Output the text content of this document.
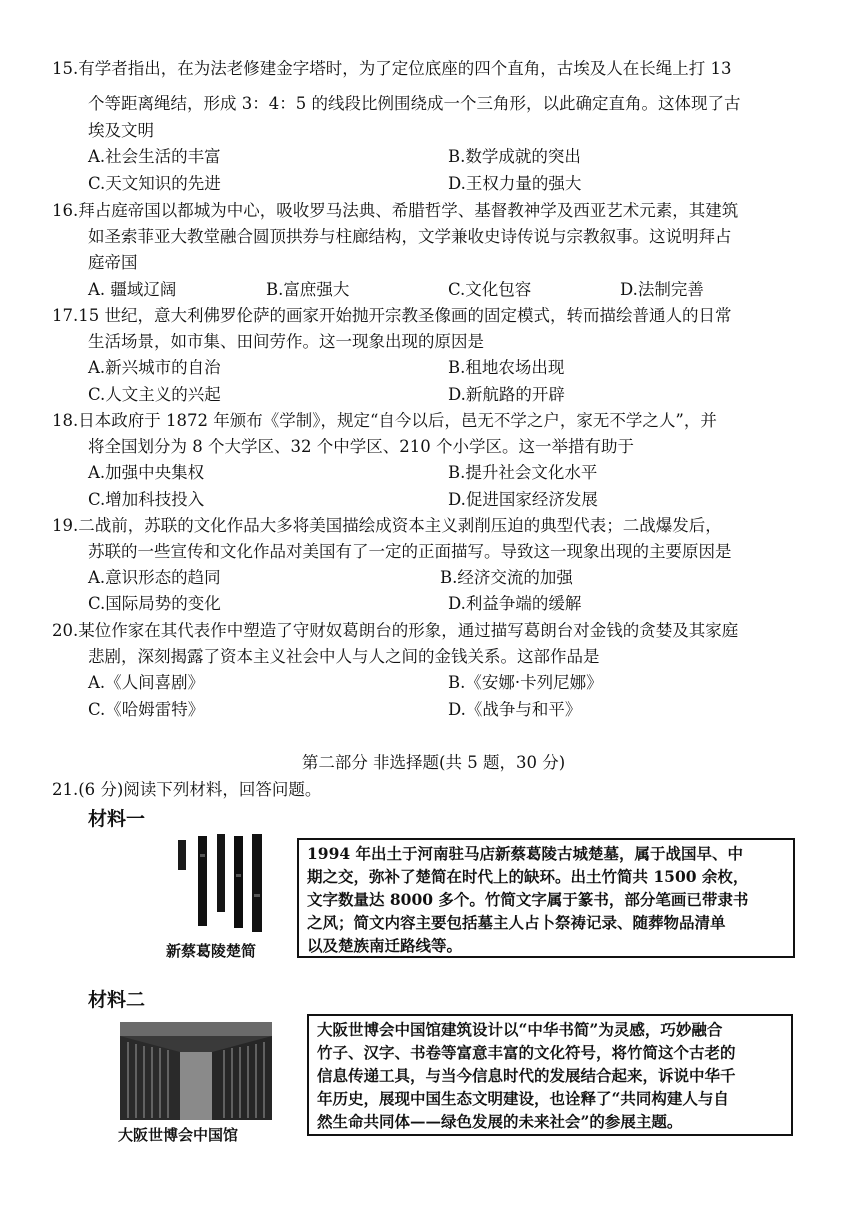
15.有学者指出，在为法老修建金字塔时，为了定位底座的四个直角，古埃及人在长绳上打 13
个等距离绳结，形成 3：4：5 的线段比例围绕成一个三角形，以此确定直角。这体现了古
埃及文明
A.社会生活的丰富	B.数学成就的突出
C.天文知识的先进	D.王权力量的强大
16.拜占庭帝国以都城为中心，吸收罗马法典、希腊哲学、基督教神学及西亚艺术元素，其建筑
如圣索菲亚大教堂融合圆顶拱券与柱廊结构，文学兼收史诗传说与宗教叙事。这说明拜占
庭帝国
A. 疆域辽阔	B.富庶强大	C.文化包容	D.法制完善
17.15 世纪，意大利佛罗伦萨的画家开始抛开宗教圣像画的固定模式，转而描绘普通人的日常
生活场景，如市集、田间劳作。这一现象出现的原因是
A.新兴城市的自治	B.租地农场出现
C.人文主义的兴起	D.新航路的开辟
18.日本政府于 1872 年颁布《学制》，规定“自今以后，邑无不学之户，家无不学之人”，并
将全国划分为 8 个大学区、32 个中学区、210 个小学区。这一举措有助于
A.加强中央集权	B.提升社会文化水平
C.增加科技投入	D.促进国家经济发展
19.二战前，苏联的文化作品大多将美国描绘成资本主义剥削压迫的典型代表；二战爆发后，
苏联的一些宣传和文化作品对美国有了一定的正面描写。导致这一现象出现的主要原因是
A.意识形态的趋同	B.经济交流的加强
C.国际局势的变化	D.利益争端的缓解
20.某位作家在其代表作中塑造了守财奴葛朗台的形象，通过描写葛朗台对金钱的贪婪及其家庭
悲剧，深刻揭露了资本主义社会中人与人之间的金钱关系。这部作品是
A.《人间喜剧》	B.《安娜·卡列尼娜》
C.《哈姆雷特》	D.《战争与和平》
第二部分 非选择题(共 5 题，30 分)
21.(6 分)阅读下列材料，回答问题。
材料一
新蔡葛陵楚简
1994 年出土于河南驻马店新蔡葛陵古城楚墓，属于战国早、中
期之交，弥补了楚简在时代上的缺环。出土竹简共 1500 余枚，
文字数量达 8000 多个。竹简文字属于篆书，部分笔画已带隶书
之风；简文内容主要包括墓主人占卜祭祷记录、随葬物品清单
以及楚族南迁路线等。
材料二
大阪世博会中国馆
大阪世博会中国馆建筑设计以“中华书简”为灵感，巧妙融合
竹子、汉字、书卷等富意丰富的文化符号，将竹简这个古老的
信息传递工具，与当今信息时代的发展结合起来，诉说中华千
年历史，展现中国生态文明建设，也诠释了“共同构建人与自
然生命共同体——绿色发展的未来社会”的参展主题。
